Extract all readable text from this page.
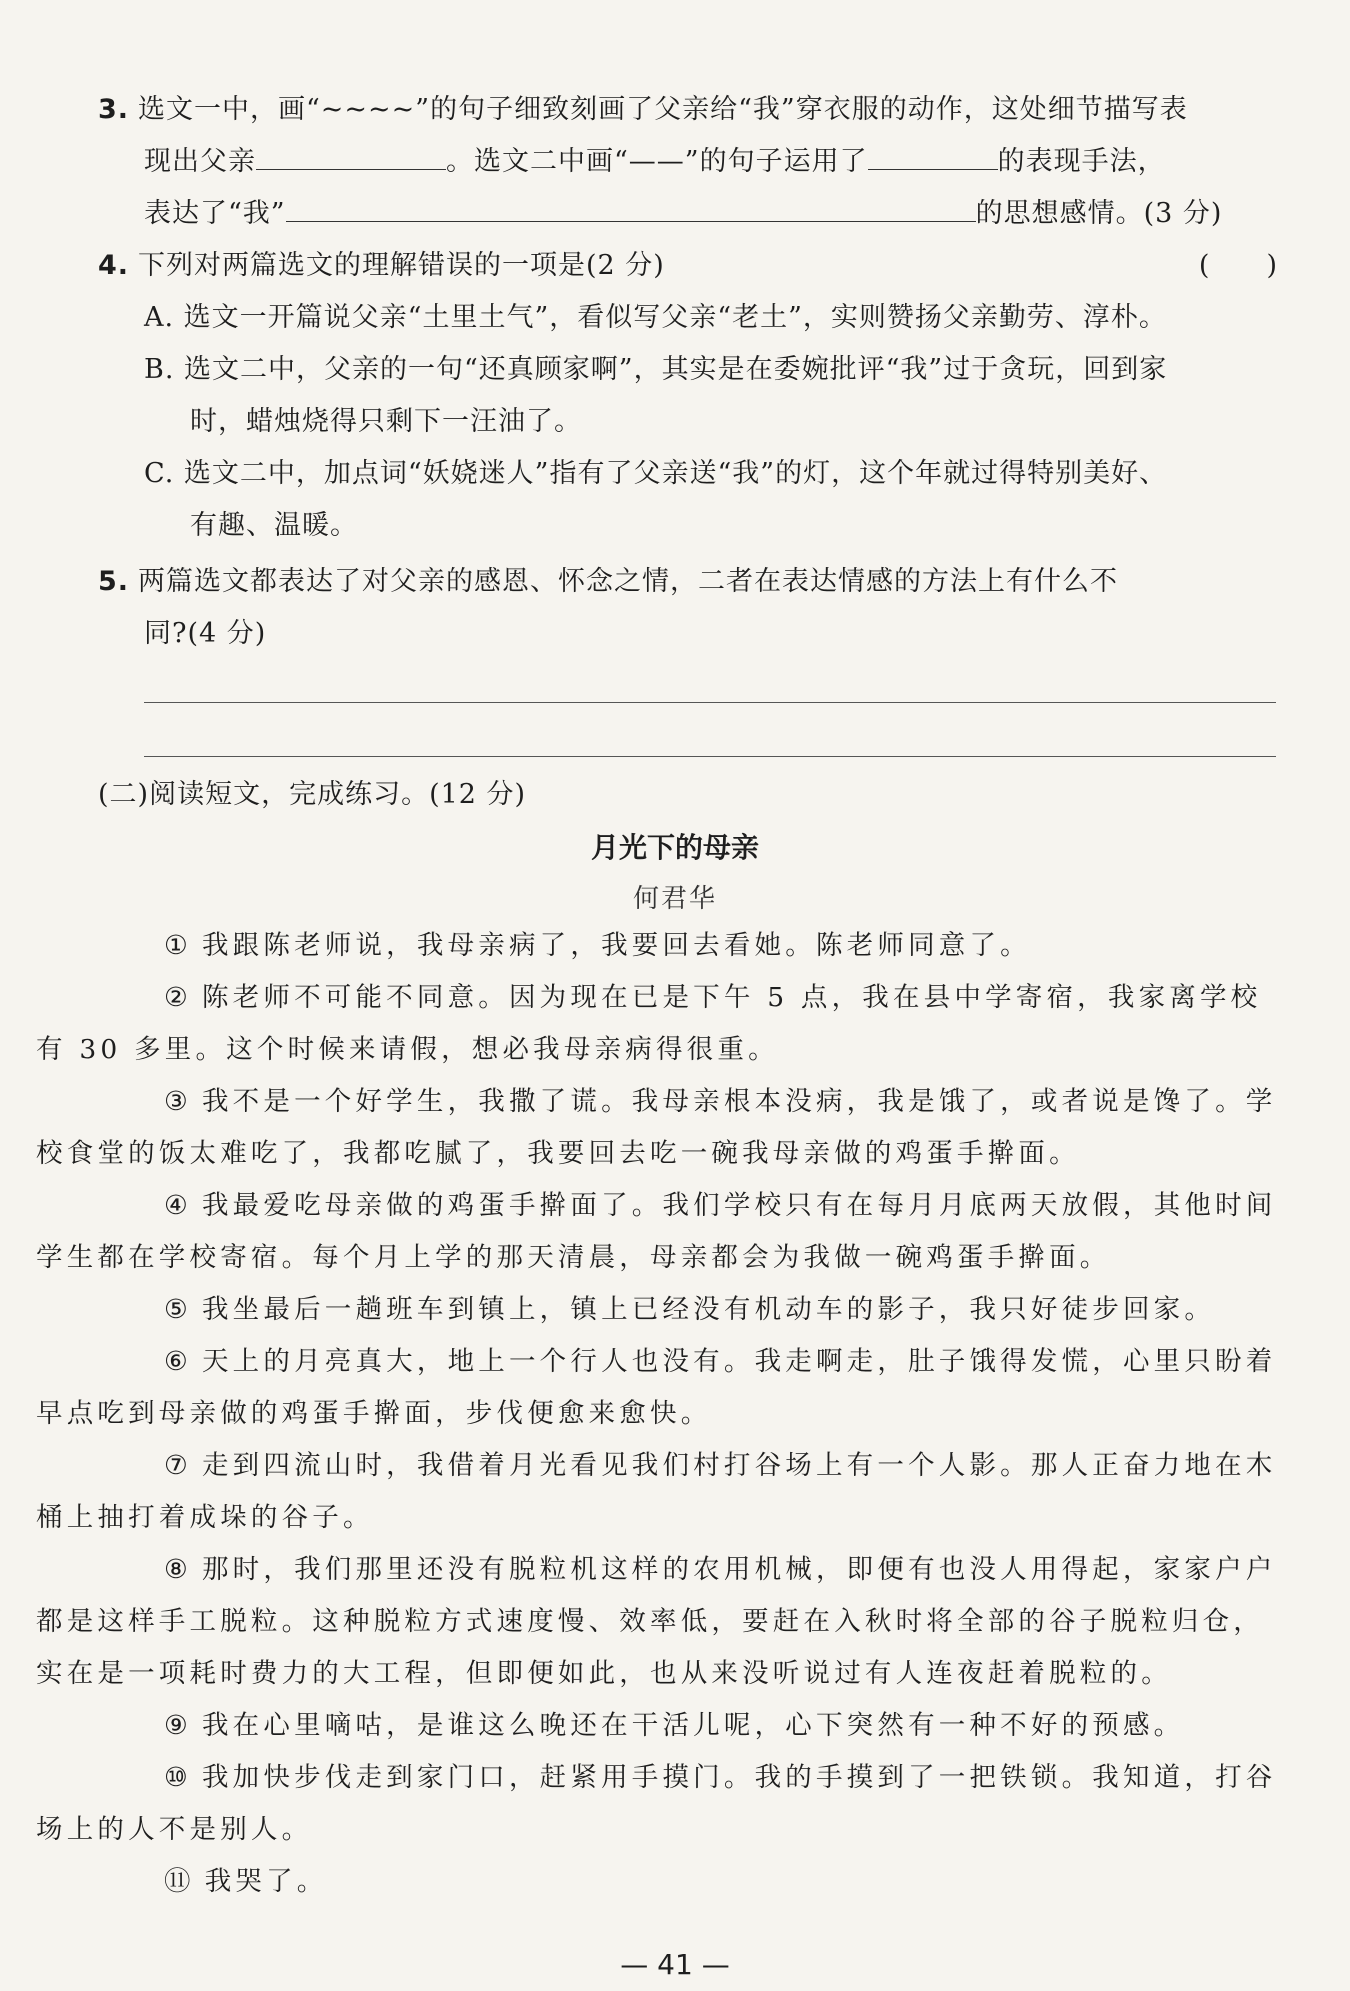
3. 选文一中，画“~~~~”的句子细致刻画了父亲给“我”穿衣服的动作，这处细节描写表
现出父亲	。选文二中画“——”的句子运用了	的表现手法，
表达了“我”	的思想感情。(3 分)
4. 下列对两篇选文的理解错误的一项是(2 分)	(　　)
A. 选文一开篇说父亲“土里土气”，看似写父亲“老土”，实则赞扬父亲勤劳、淳朴。
B. 选文二中，父亲的一句“还真顾家啊”，其实是在委婉批评“我”过于贪玩，回到家
时，蜡烛烧得只剩下一汪油了。
C. 选文二中，加点词“妖娆迷人”指有了父亲送“我”的灯，这个年就过得特别美好、
有趣、温暖。
5. 两篇选文都表达了对父亲的感恩、怀念之情，二者在表达情感的方法上有什么不
同?(4 分)
(二)阅读短文，完成练习。(12 分)
月光下的母亲
何君华

① 我跟陈老师说，我母亲病了，我要回去看她。陈老师同意了。

② 陈老师不可能不同意。因为现在已是下午 5 点，我在县中学寄宿，我家离学校有 30 多里。这个时候来请假，想必我母亲病得很重。

③ 我不是一个好学生，我撒了谎。我母亲根本没病，我是饿了，或者说是馋了。学校食堂的饭太难吃了，我都吃腻了，我要回去吃一碗我母亲做的鸡蛋手擀面。

④ 我最爱吃母亲做的鸡蛋手擀面了。我们学校只有在每月月底两天放假，其他时间学生都在学校寄宿。每个月上学的那天清晨，母亲都会为我做一碗鸡蛋手擀面。

⑤ 我坐最后一趟班车到镇上，镇上已经没有机动车的影子，我只好徒步回家。

⑥ 天上的月亮真大，地上一个行人也没有。我走啊走，肚子饿得发慌，心里只盼着早点吃到母亲做的鸡蛋手擀面，步伐便愈来愈快。

⑦ 走到四流山时，我借着月光看见我们村打谷场上有一个人影。那人正奋力地在木桶上抽打着成垛的谷子。

⑧ 那时，我们那里还没有脱粒机这样的农用机械，即便有也没人用得起，家家户户都是这样手工脱粒。这种脱粒方式速度慢、效率低，要赶在入秋时将全部的谷子脱粒归仓，实在是一项耗时费力的大工程，但即便如此，也从来没听说过有人连夜赶着脱粒的。

⑨ 我在心里嘀咕，是谁这么晚还在干活儿呢，心下突然有一种不好的预感。

⑩ 我加快步伐走到家门口，赶紧用手摸门。我的手摸到了一把铁锁。我知道，打谷场上的人不是别人。

⑪ 我哭了。

— 41 —
